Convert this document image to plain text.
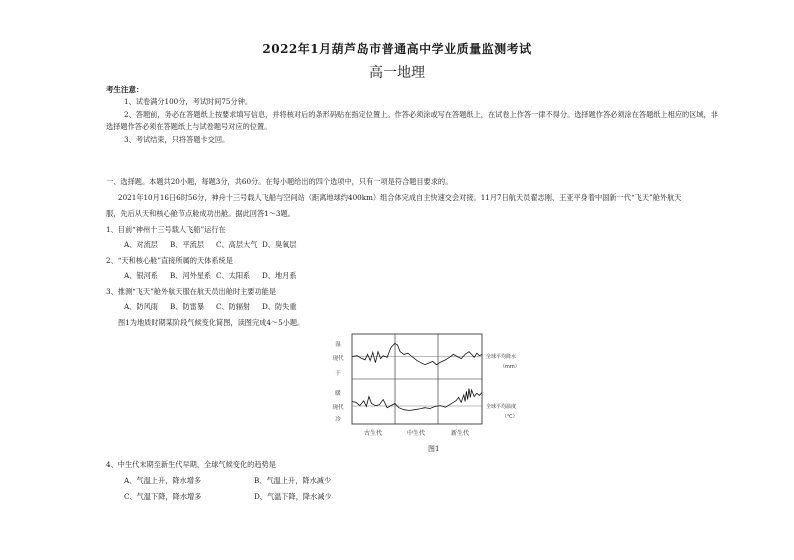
2022年1月葫芦岛市普通高中学业质量监测考试
高一地理
考生注意：
1、试卷满分100分，考试时间75分钟。
2、答题前，务必在答题纸上按要求填写信息，并将核对后的条形码贴在指定位置上。作答必须涂或写在答题纸上，在试卷上作答一律不得分。选择题作答必须涂在答题纸上相应的区域，非
选择题作答必须在答题纸上与试卷题号对应的位置。
3、考试结束，只将答题卡交回。
一、选择题。本题共20小题，每题3分，共60分。在每小题给出的四个选项中，只有一项是符合题目要求的。
2021年10月16日6时56分，神舟十三号载人飞船与空间站（距离地球约400km）组合体完成自主快速交会对接。11月7日航天员翟志刚、王亚平身着中国新一代“飞天”舱外航天
服，先后从天和核心舱节点舱成功出舱。据此回答1～3题。
1、目前“神州十三号载人飞船”运行在
A、对流层	B、平流层	C、高层大气 D、臭氧层
2、“天和核心舱”直接所属的天体系统是
A、银河系	B、河外星系 C、太阳系	D、地月系
3、推测“飞天”舱外航天服在航天员出舱时主要功能是
A、防风雨	B、防雷暴	C、防辐射	D、防失重
图1为地质时期某阶段气候变化简图，读图完成4～5小题。
湿
现代
干
暖
现代
冷
全球平均降水
（mm）
全球平均温度
（℃）
古生代	中生代	新生代
图1
4、中生代末期至新生代早期，全球气候变化的趋势是
A、气温上升，降水增多	B、气温上升，降水减少
C、气温下降，降水增多	D、气温下降，降水减少
